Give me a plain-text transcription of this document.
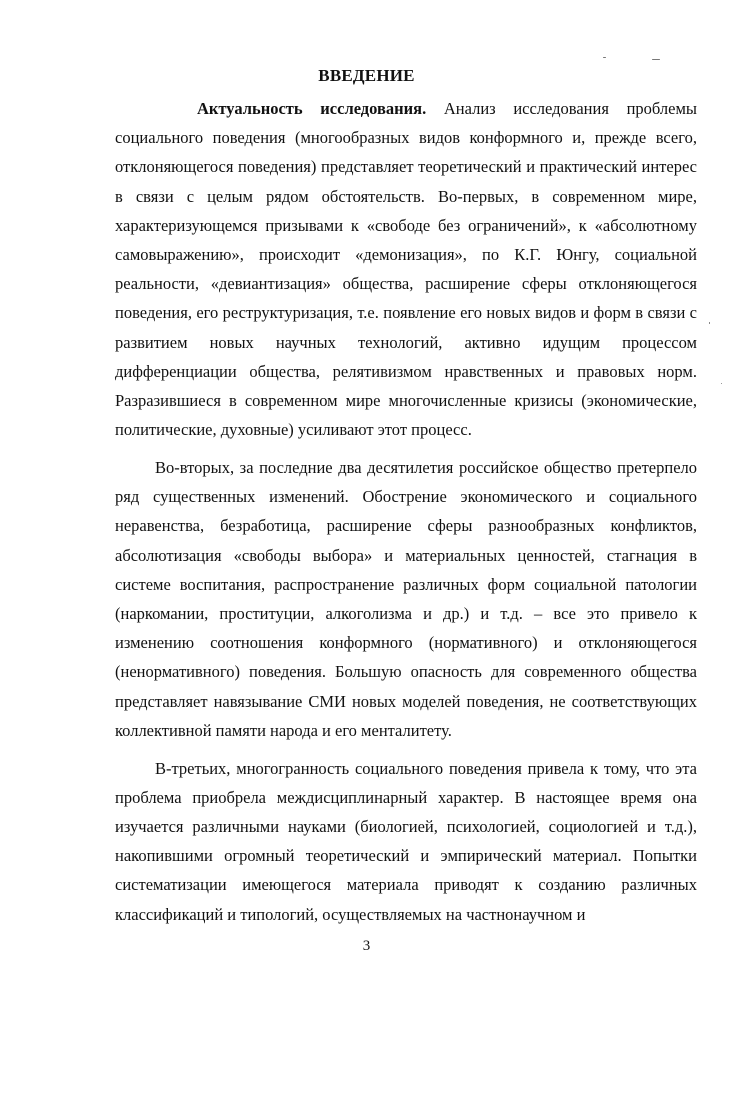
ВВЕДЕНИЕ

Актуальность исследования. Анализ исследования проблемы социального поведения (многообразных видов конформного и, прежде всего, отклоняющегося поведения) представляет теоретический и практический интерес в связи с целым рядом обстоятельств. Во-первых, в современном мире, характеризующемся призывами к «свободе без ограничений», к «абсолютному самовыражению», происходит «демонизация», по К.Г. Юнгу, социальной реальности, «девиантизация» общества, расширение сферы отклоняющегося поведения, его реструктуризация, т.е. появление его новых видов и форм в связи с развитием новых научных технологий, активно идущим процессом дифференциации общества, релятивизмом нравственных и правовых норм. Разразившиеся в современном мире многочисленные кризисы (экономические, политические, духовные) усиливают этот процесс.

Во-вторых, за последние два десятилетия российское общество претерпело ряд существенных изменений. Обострение экономического и социального неравенства, безработица, расширение сферы разнообразных конфликтов, абсолютизация «свободы выбора» и материальных ценностей, стагнация в системе воспитания, распространение различных форм социальной патологии (наркомании, проституции, алкоголизма и др.) и т.д. – все это привело к изменению соотношения конформного (нормативного) и отклоняющегося (ненормативного) поведения. Большую опасность для современного общества представляет навязывание СМИ новых моделей поведения, не соответствующих коллективной памяти народа и его менталитету.

В-третьих, многогранность социального поведения привела к тому, что эта проблема приобрела междисциплинарный характер. В настоящее время она изучается различными науками (биологией, психологией, социологией и т.д.), накопившими огромный теоретический и эмпирический материал. Попытки систематизации имеющегося материала приводят к созданию различных классификаций и типологий, осуществляемых на частнонаучном и

3
